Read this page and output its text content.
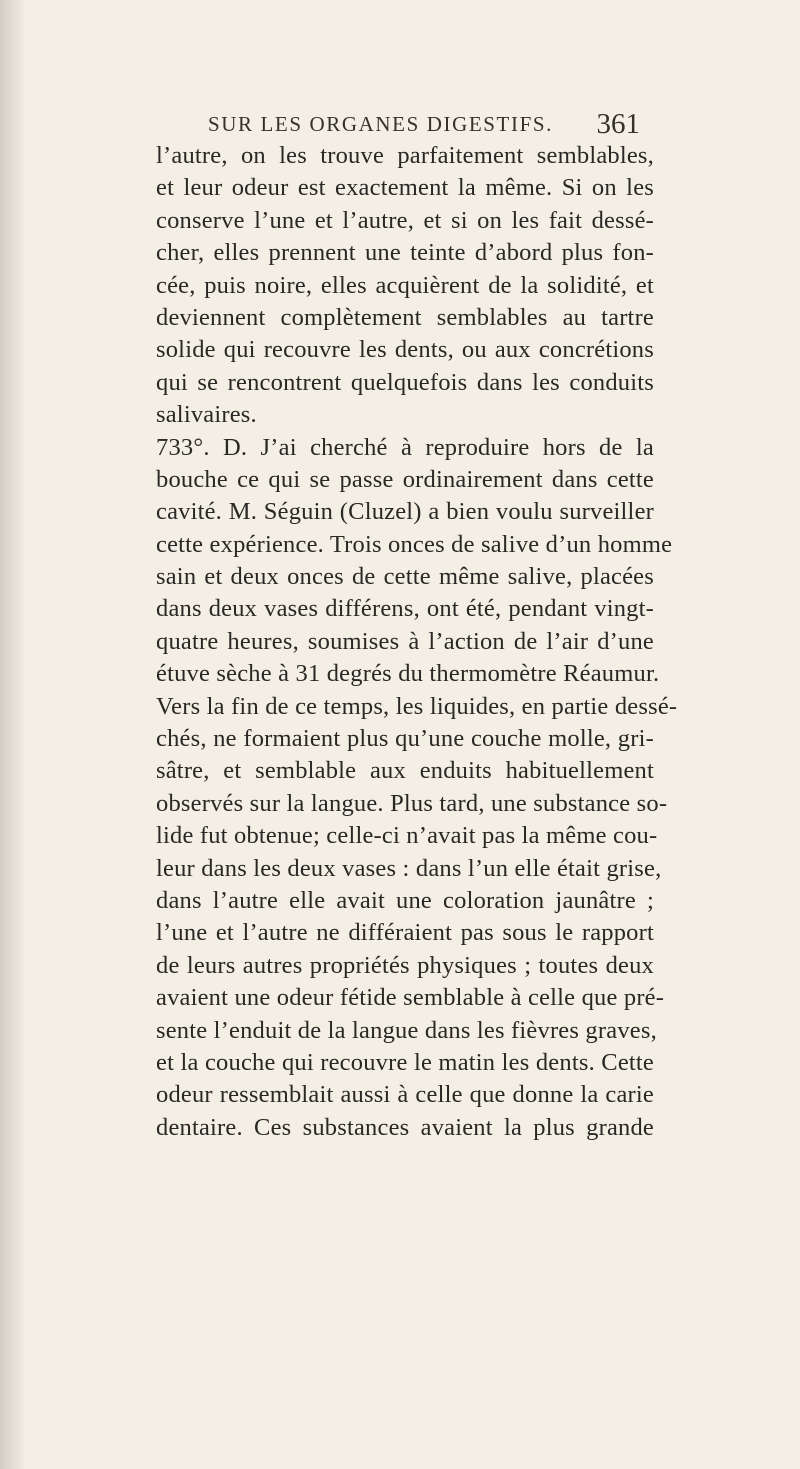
SUR LES ORGANES DIGESTIFS. 361
l’autre, on les trouve parfaitement semblables,
et leur odeur est exactement la même. Si on les
conserve l’une et l’autre, et si on les fait dessé-
cher, elles prennent une teinte d’abord plus fon-
cée, puis noire, elles acquièrent de la solidité, et
deviennent complètement semblables au tartre
solide qui recouvre les dents, ou aux concrétions
qui se rencontrent quelquefois dans les conduits
salivaires.
733°. D. J’ai cherché à reproduire hors de la
bouche ce qui se passe ordinairement dans cette
cavité. M. Séguin (Cluzel) a bien voulu surveiller
cette expérience. Trois onces de salive d’un homme
sain et deux onces de cette même salive, placées
dans deux vases différens, ont été, pendant vingt-
quatre heures, soumises à l’action de l’air d’une
étuve sèche à 31 degrés du thermomètre Réaumur.
Vers la fin de ce temps, les liquides, en partie dessé-
chés, ne formaient plus qu’une couche molle, gri-
sâtre, et semblable aux enduits habituellement
observés sur la langue. Plus tard, une substance so-
lide fut obtenue; celle-ci n’avait pas la même cou-
leur dans les deux vases : dans l’un elle était grise,
dans l’autre elle avait une coloration jaunâtre ;
l’une et l’autre ne différaient pas sous le rapport
de leurs autres propriétés physiques ; toutes deux
avaient une odeur fétide semblable à celle que pré-
sente l’enduit de la langue dans les fièvres graves,
et la couche qui recouvre le matin les dents. Cette
odeur ressemblait aussi à celle que donne la carie
dentaire. Ces substances avaient la plus grande
